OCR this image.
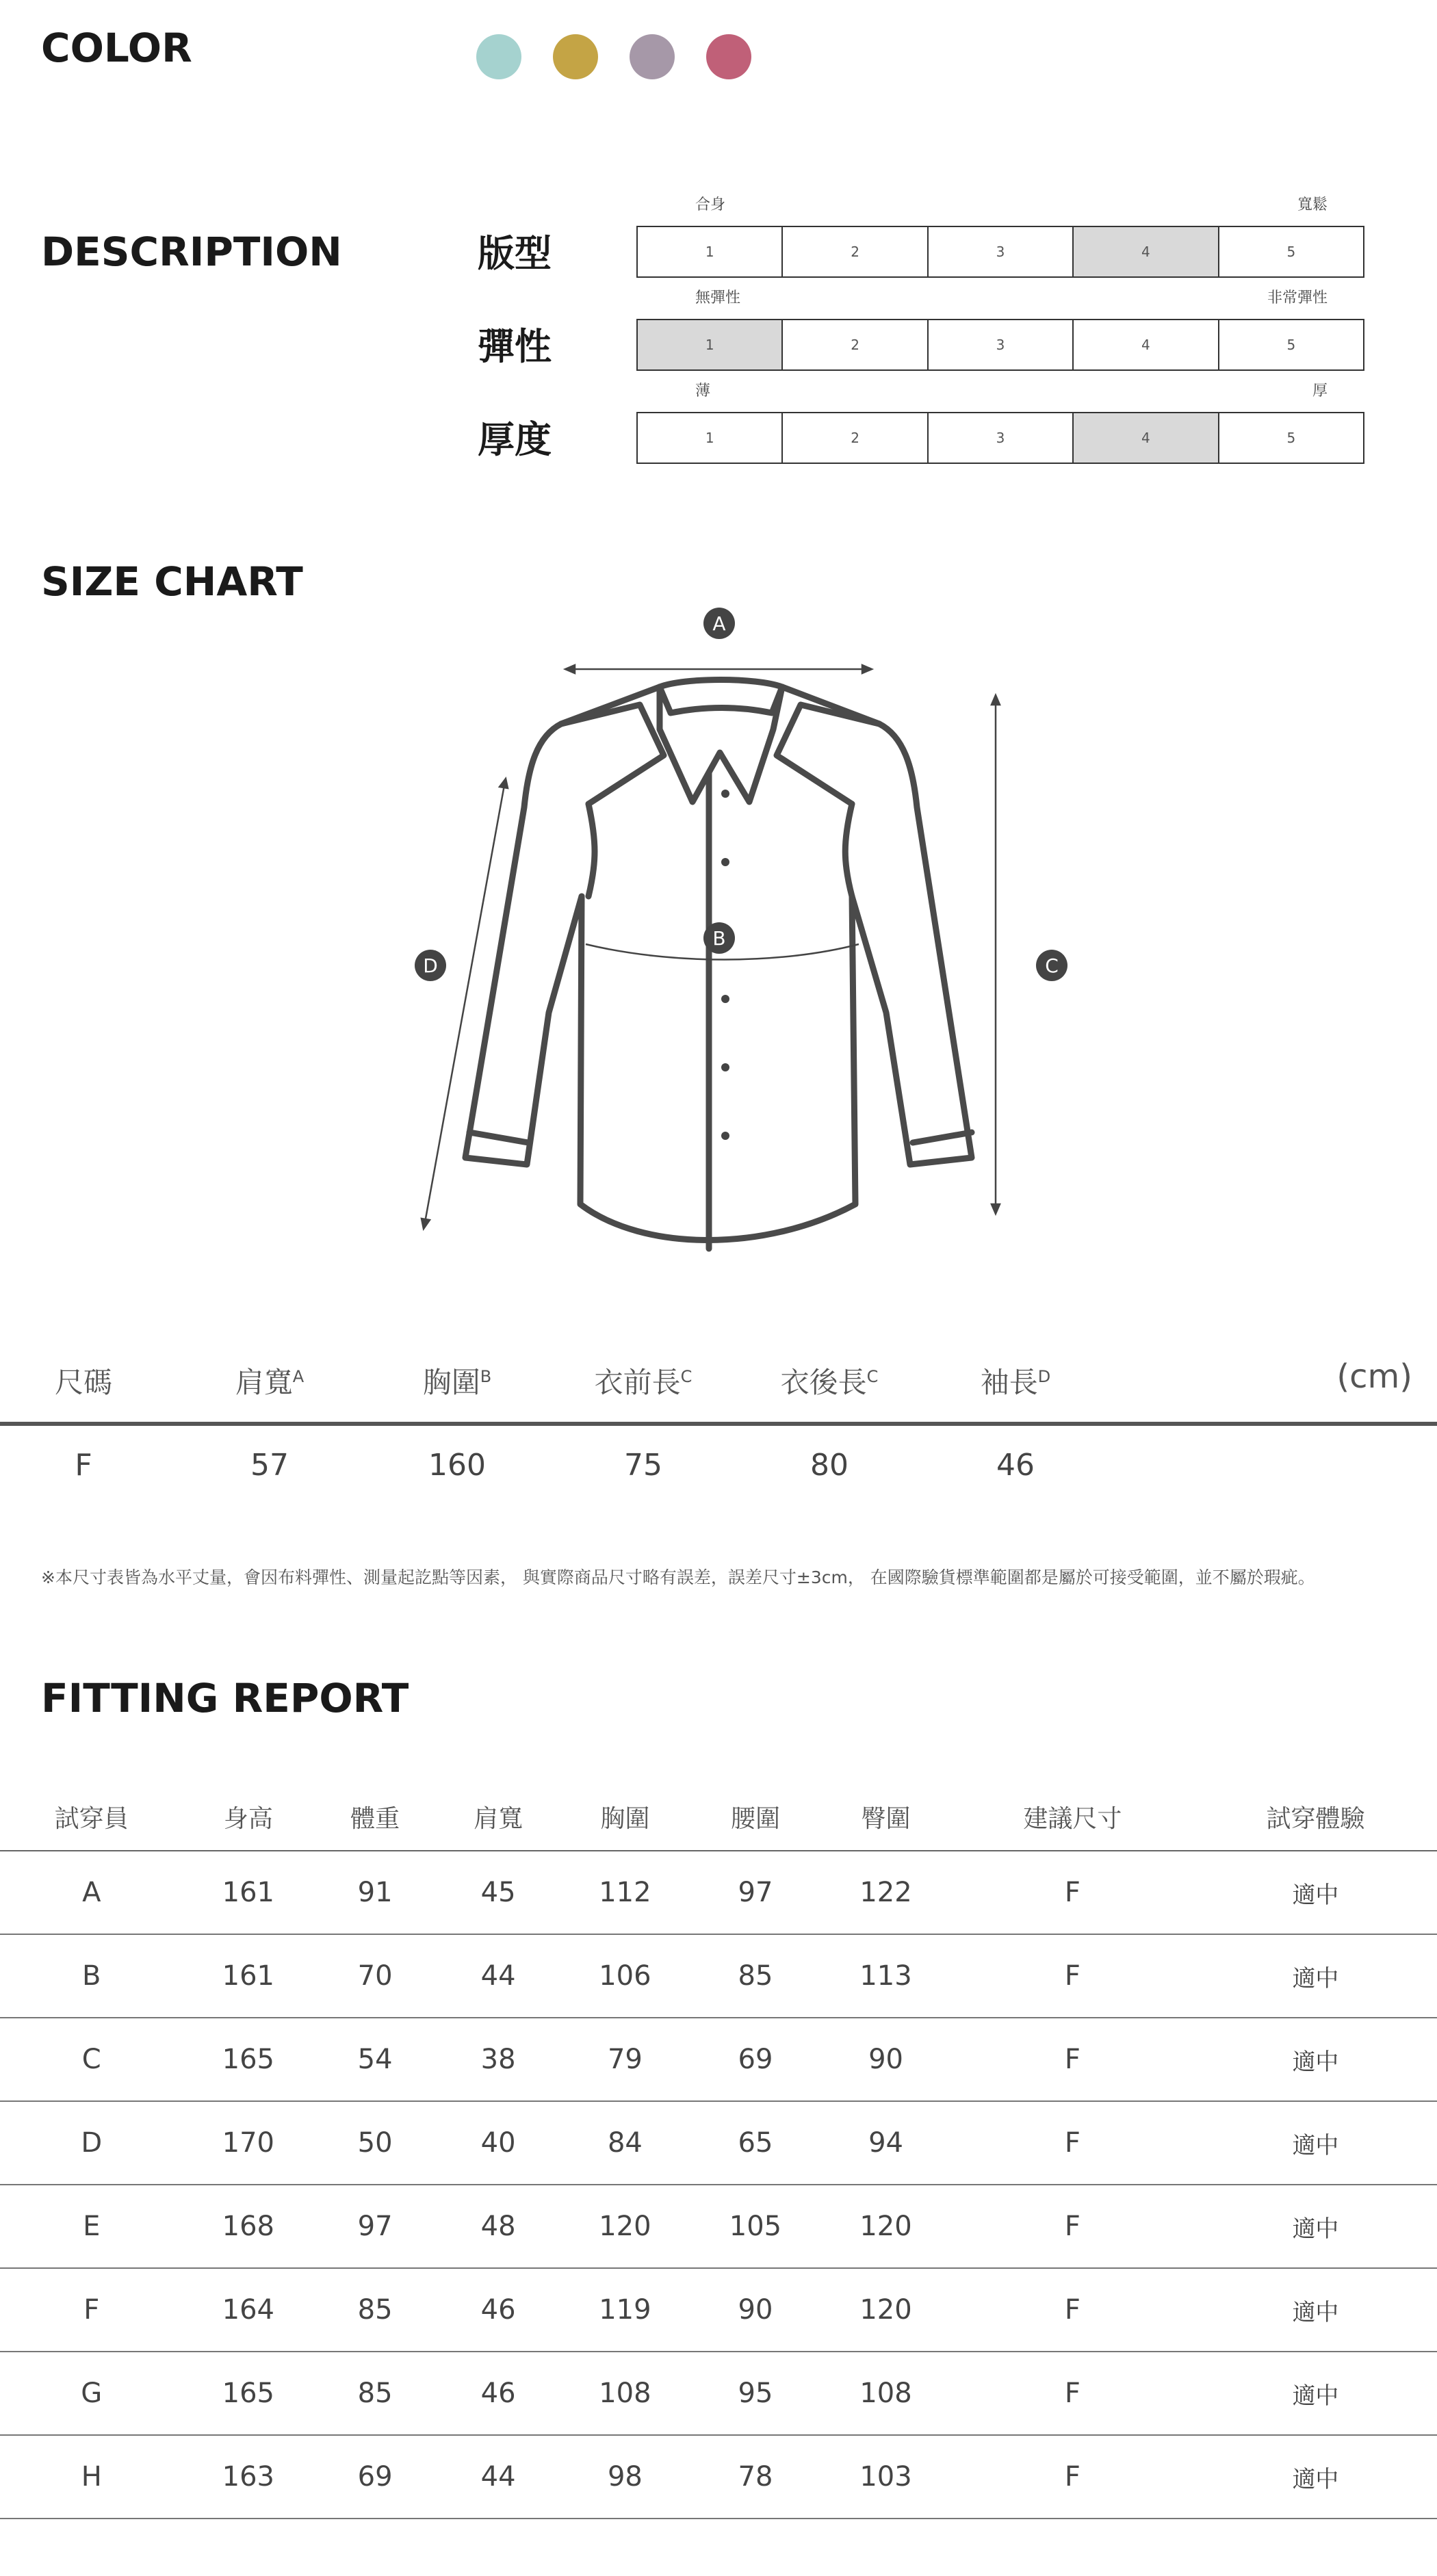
COLOR
DESCRIPTION	版型
合身	寬鬆
1	2	3	4	5
彈性
無彈性	非常彈性
1	2	3	4	5
厚度
薄	厚
1	2	3	4	5
SIZE CHART
A
B
C
D
尺碼	肩寬$^A$	胸圍$^B$	衣前長$^C$	衣後長$^C$	袖長$^D$	(cm)
F	57	160	75	80	46
※本尺寸表皆為水平丈量，會因布料彈性、測量起訖點等因素， 與實際商品尺寸略有誤差，誤差尺寸±3cm， 在國際驗貨標準範圍都是屬於可接受範圍，並不屬於瑕疵。
FITTING REPORT
試穿員	身高	體重	肩寬	胸圍	腰圍	臀圍	建議尺寸	試穿體驗
A	161	91	45	112	97	122	F	適中
B	161	70	44	106	85	113	F	適中
C	165	54	38	79	69	90	F	適中
D	170	50	40	84	65	94	F	適中
E	168	97	48	120	105	120	F	適中
F	164	85	46	119	90	120	F	適中
G	165	85	46	108	95	108	F	適中
H	163	69	44	98	78	103	F	適中
